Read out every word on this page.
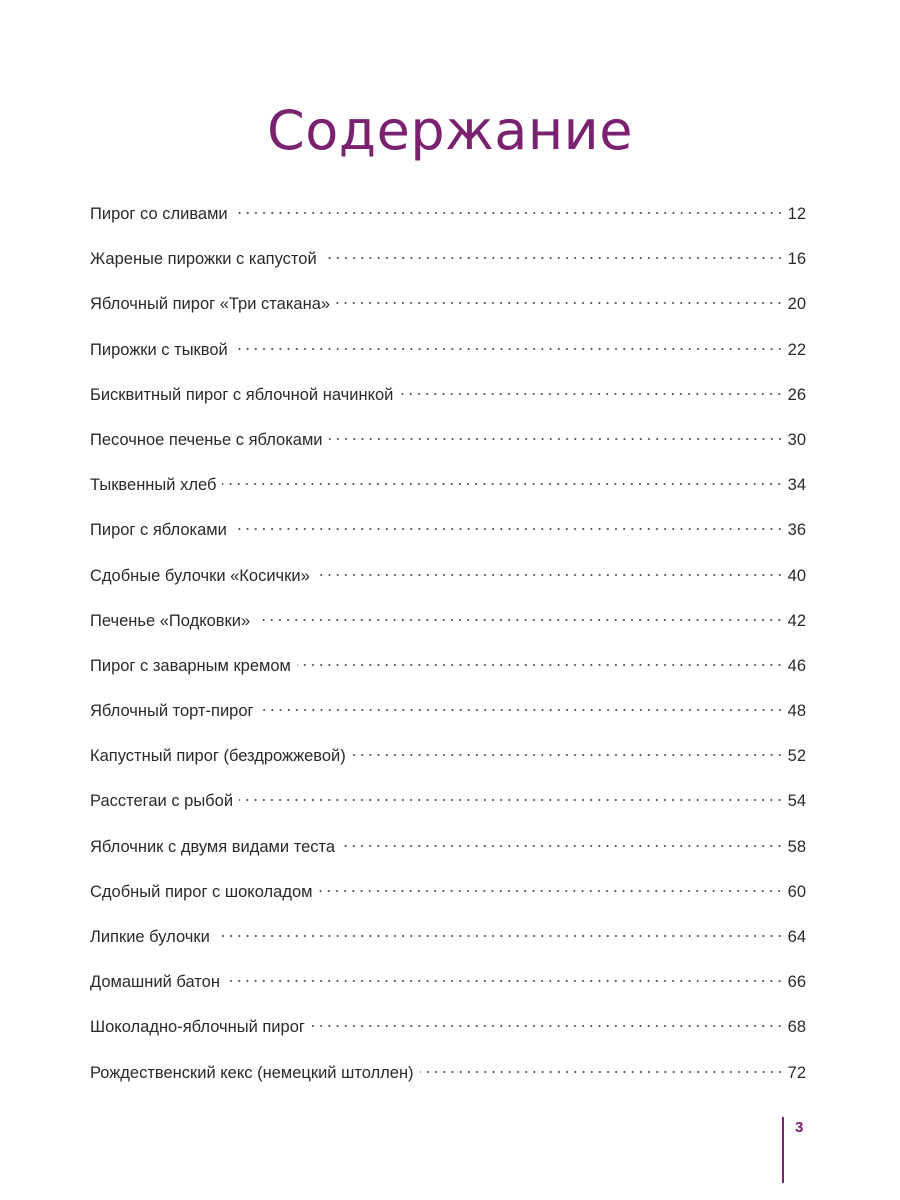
Содержание
Пирог со сливами	12
Жареные пирожки с капустой	16
Яблочный пирог «Три стакана»	20
Пирожки с тыквой	22
Бисквитный пирог с яблочной начинкой	26
Песочное печенье с яблоками	30
Тыквенный хлеб	34
Пирог с яблоками	36
Сдобные булочки «Косички»	40
Печенье «Подковки»	42
Пирог с заварным кремом	46
Яблочный торт-пирог	48
Капустный пирог (бездрожжевой)	52
Расстегаи с рыбой	54
Яблочник с двумя видами теста	58
Сдобный пирог с шоколадом	60
Липкие булочки	64
Домашний батон	66
Шоколадно-яблочный пирог	68
Рождественский кекс (немецкий штоллен)	72
3
